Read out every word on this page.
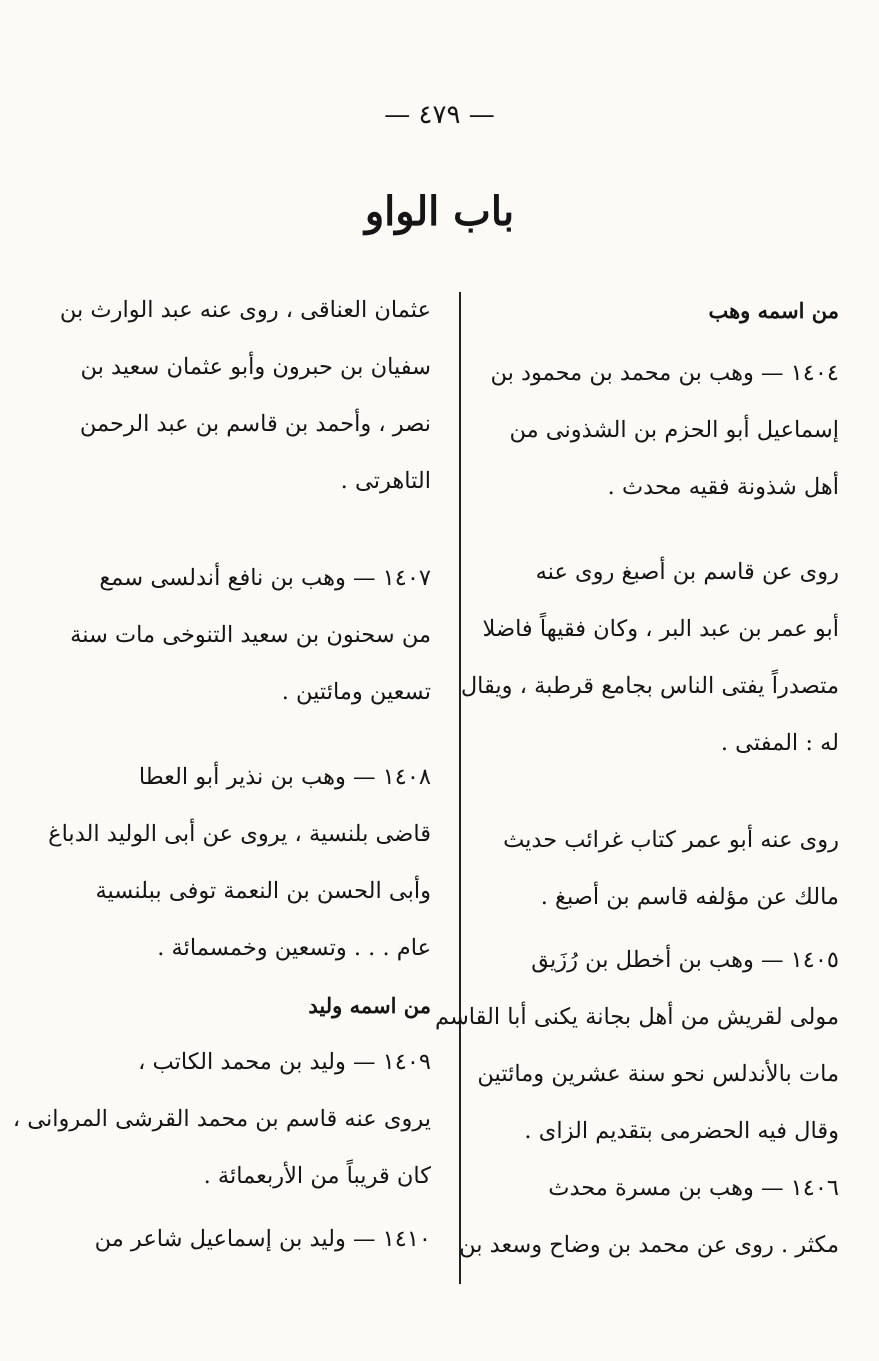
— ٤٧٩ —
باب الواو
من اسمه وهب
١٤٠٤ — وهب بن محمد بن محمود بن
إسماعيل أبو الحزم بن الشذونى من
أهل شذونة فقيه محدث .
روى عن قاسم بن أصبغ روى عنه
أبو عمر بن عبد البر ، وكان فقيهاً فاضلا
متصدراً يفتى الناس بجامع قرطبة ، ويقال
له : المفتى .
روى عنه أبو عمر كتاب غرائب حديث
مالك عن مؤلفه قاسم بن أصبغ .
١٤٠٥ — وهب بن أخطل بن رُزَيق
مولى لقريش من أهل بجانة يكنى أبا القاسم
مات بالأندلس نحو سنة عشرين ومائتين
وقال فيه الحضرمى بتقديم الزاى .
١٤٠٦ — وهب بن مسرة محدث
مكثر . روى عن محمد بن وضاح وسعد بن
عثمان العناقى ، روى عنه عبد الوارث بن
سفيان بن حبرون وأبو عثمان سعيد بن
نصر ، وأحمد بن قاسم بن عبد الرحمن
التاهرتى .
١٤٠٧ — وهب بن نافع أندلسى سمع
من سحنون بن سعيد التنوخى مات سنة
تسعين ومائتين .
١٤٠٨ — وهب بن نذير أبو العطا
قاضى بلنسية ، يروى عن أبى الوليد الدباغ
وأبى الحسن بن النعمة توفى ببلنسية
عام . . . وتسعين وخمسمائة .
من اسمه وليد
١٤٠٩ — وليد بن محمد الكاتب ،
يروى عنه قاسم بن محمد القرشى المروانى ،
كان قريباً من الأربعمائة .
١٤١٠ — وليد بن إسماعيل شاعر من
